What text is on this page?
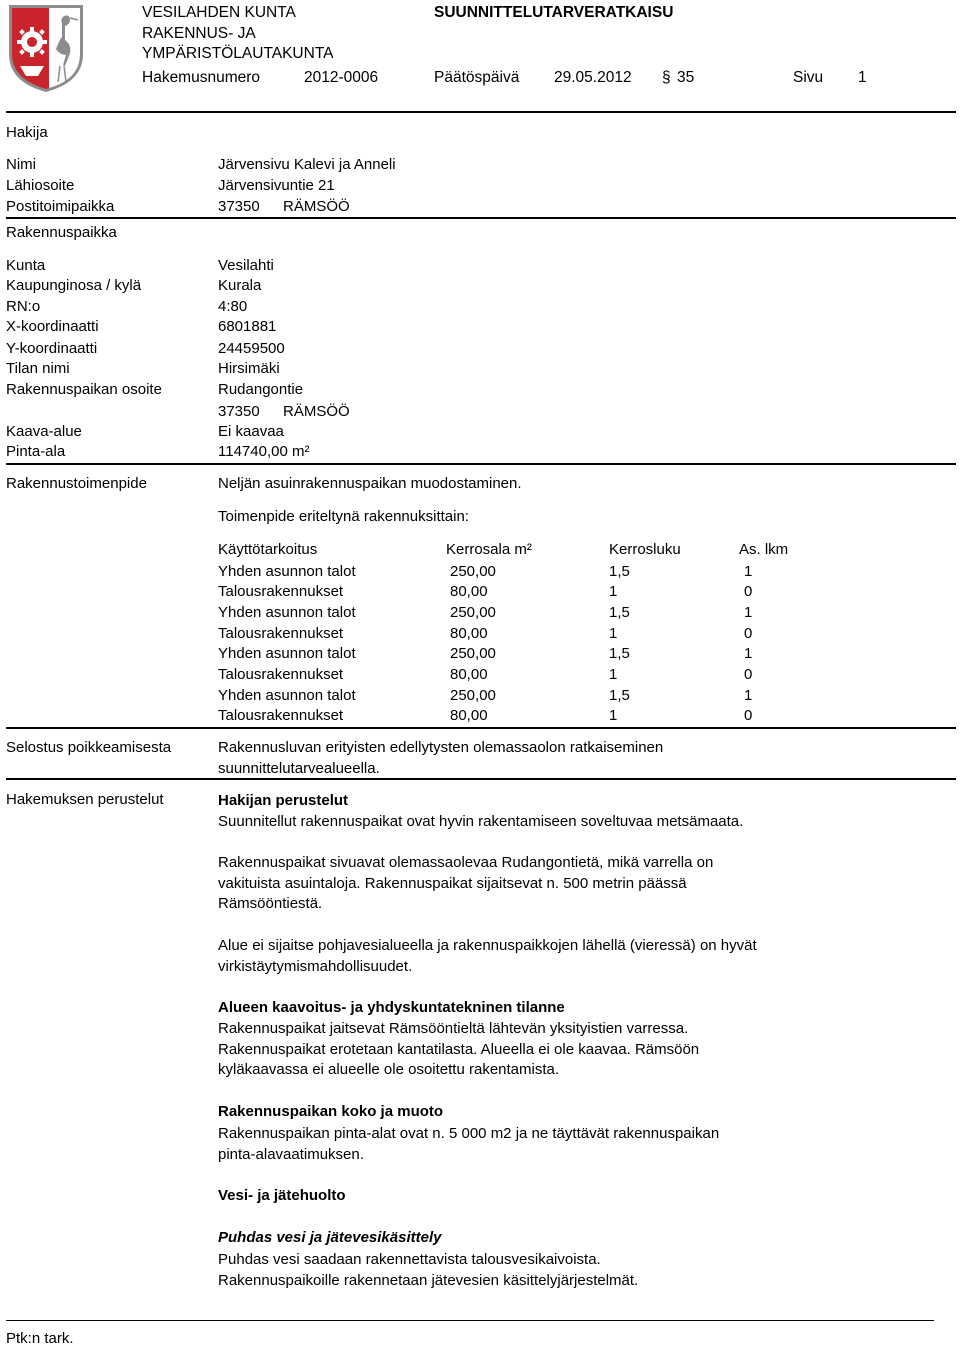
VESILAHDEN KUNTA
RAKENNUS- JA
YMPÄRISTÖLAUTAKUNTA
SUUNNITTELUTARVERATKAISU
Hakemusnumero	2012-0006	Päätöspäivä 29.05.2012 § 35	Sivu 1
Hakija
Nimi	Järvensivu Kalevi ja Anneli
Lähiosoite	Järvensivuntie 21
Postitoimipaikka	37350 RÄMSÖÖ
Rakennuspaikka
Kunta	Vesilahti
Kaupunginosa / kylä	Kurala
RN:o	4:80
X-koordinaatti	6801881
Y-koordinaatti	24459500
Tilan nimi	Hirsimäki
Rakennuspaikan osoite	Rudangontie
37350 RÄMSÖÖ
Kaava-alue	Ei kaavaa
Pinta-ala	114740,00 m²
Rakennustoimenpide	Neljän asuinrakennuspaikan muodostaminen.
Toimenpide eriteltynä rakennuksittain:
Käyttötarkoitus	Kerrosala m²	Kerrosluku	As. lkm
Yhden asunnon talot	250,00	1,5	1
Talousrakennukset	80,00	1	0
Yhden asunnon talot	250,00	1,5	1
Talousrakennukset	80,00	1	0
Yhden asunnon talot	250,00	1,5	1
Talousrakennukset	80,00	1	0
Yhden asunnon talot	250,00	1,5	1
Talousrakennukset	80,00	1	0
Selostus poikkeamisesta	Rakennusluvan erityisten edellytysten olemassaolon ratkaiseminen
suunnittelutarvealueella.
Hakemuksen perustelut	Hakijan perustelut
Suunnitellut rakennuspaikat ovat hyvin rakentamiseen soveltuvaa metsämaata.
Rakennuspaikat sivuavat olemassaolevaa Rudangontietä, mikä varrella on
vakituista asuintaloja. Rakennuspaikat sijaitsevat n. 500 metrin päässä
Rämsööntiestä.
Alue ei sijaitse pohjavesialueella ja rakennuspaikkojen lähellä (vieressä) on hyvät
virkistäytymismahdollisuudet.
Alueen kaavoitus- ja yhdyskuntatekninen tilanne
Rakennuspaikat jaitsevat Rämsööntieltä lähtevän yksityistien varressa.
Rakennuspaikat erotetaan kantatilasta. Alueella ei ole kaavaa. Rämsöön
kyläkaavassa ei alueelle ole osoitettu rakentamista.
Rakennuspaikan koko ja muoto
Rakennuspaikan pinta-alat ovat n. 5 000 m2 ja ne täyttävät rakennuspaikan
pinta-alavaatimuksen.
Vesi- ja jätehuolto
Puhdas vesi ja jätevesikäsittely
Puhdas vesi saadaan rakennettavista talousvesikaivoista.
Rakennuspaikoille rakennetaan jätevesien käsittelyjärjestelmät.
Ptk:n tark.
